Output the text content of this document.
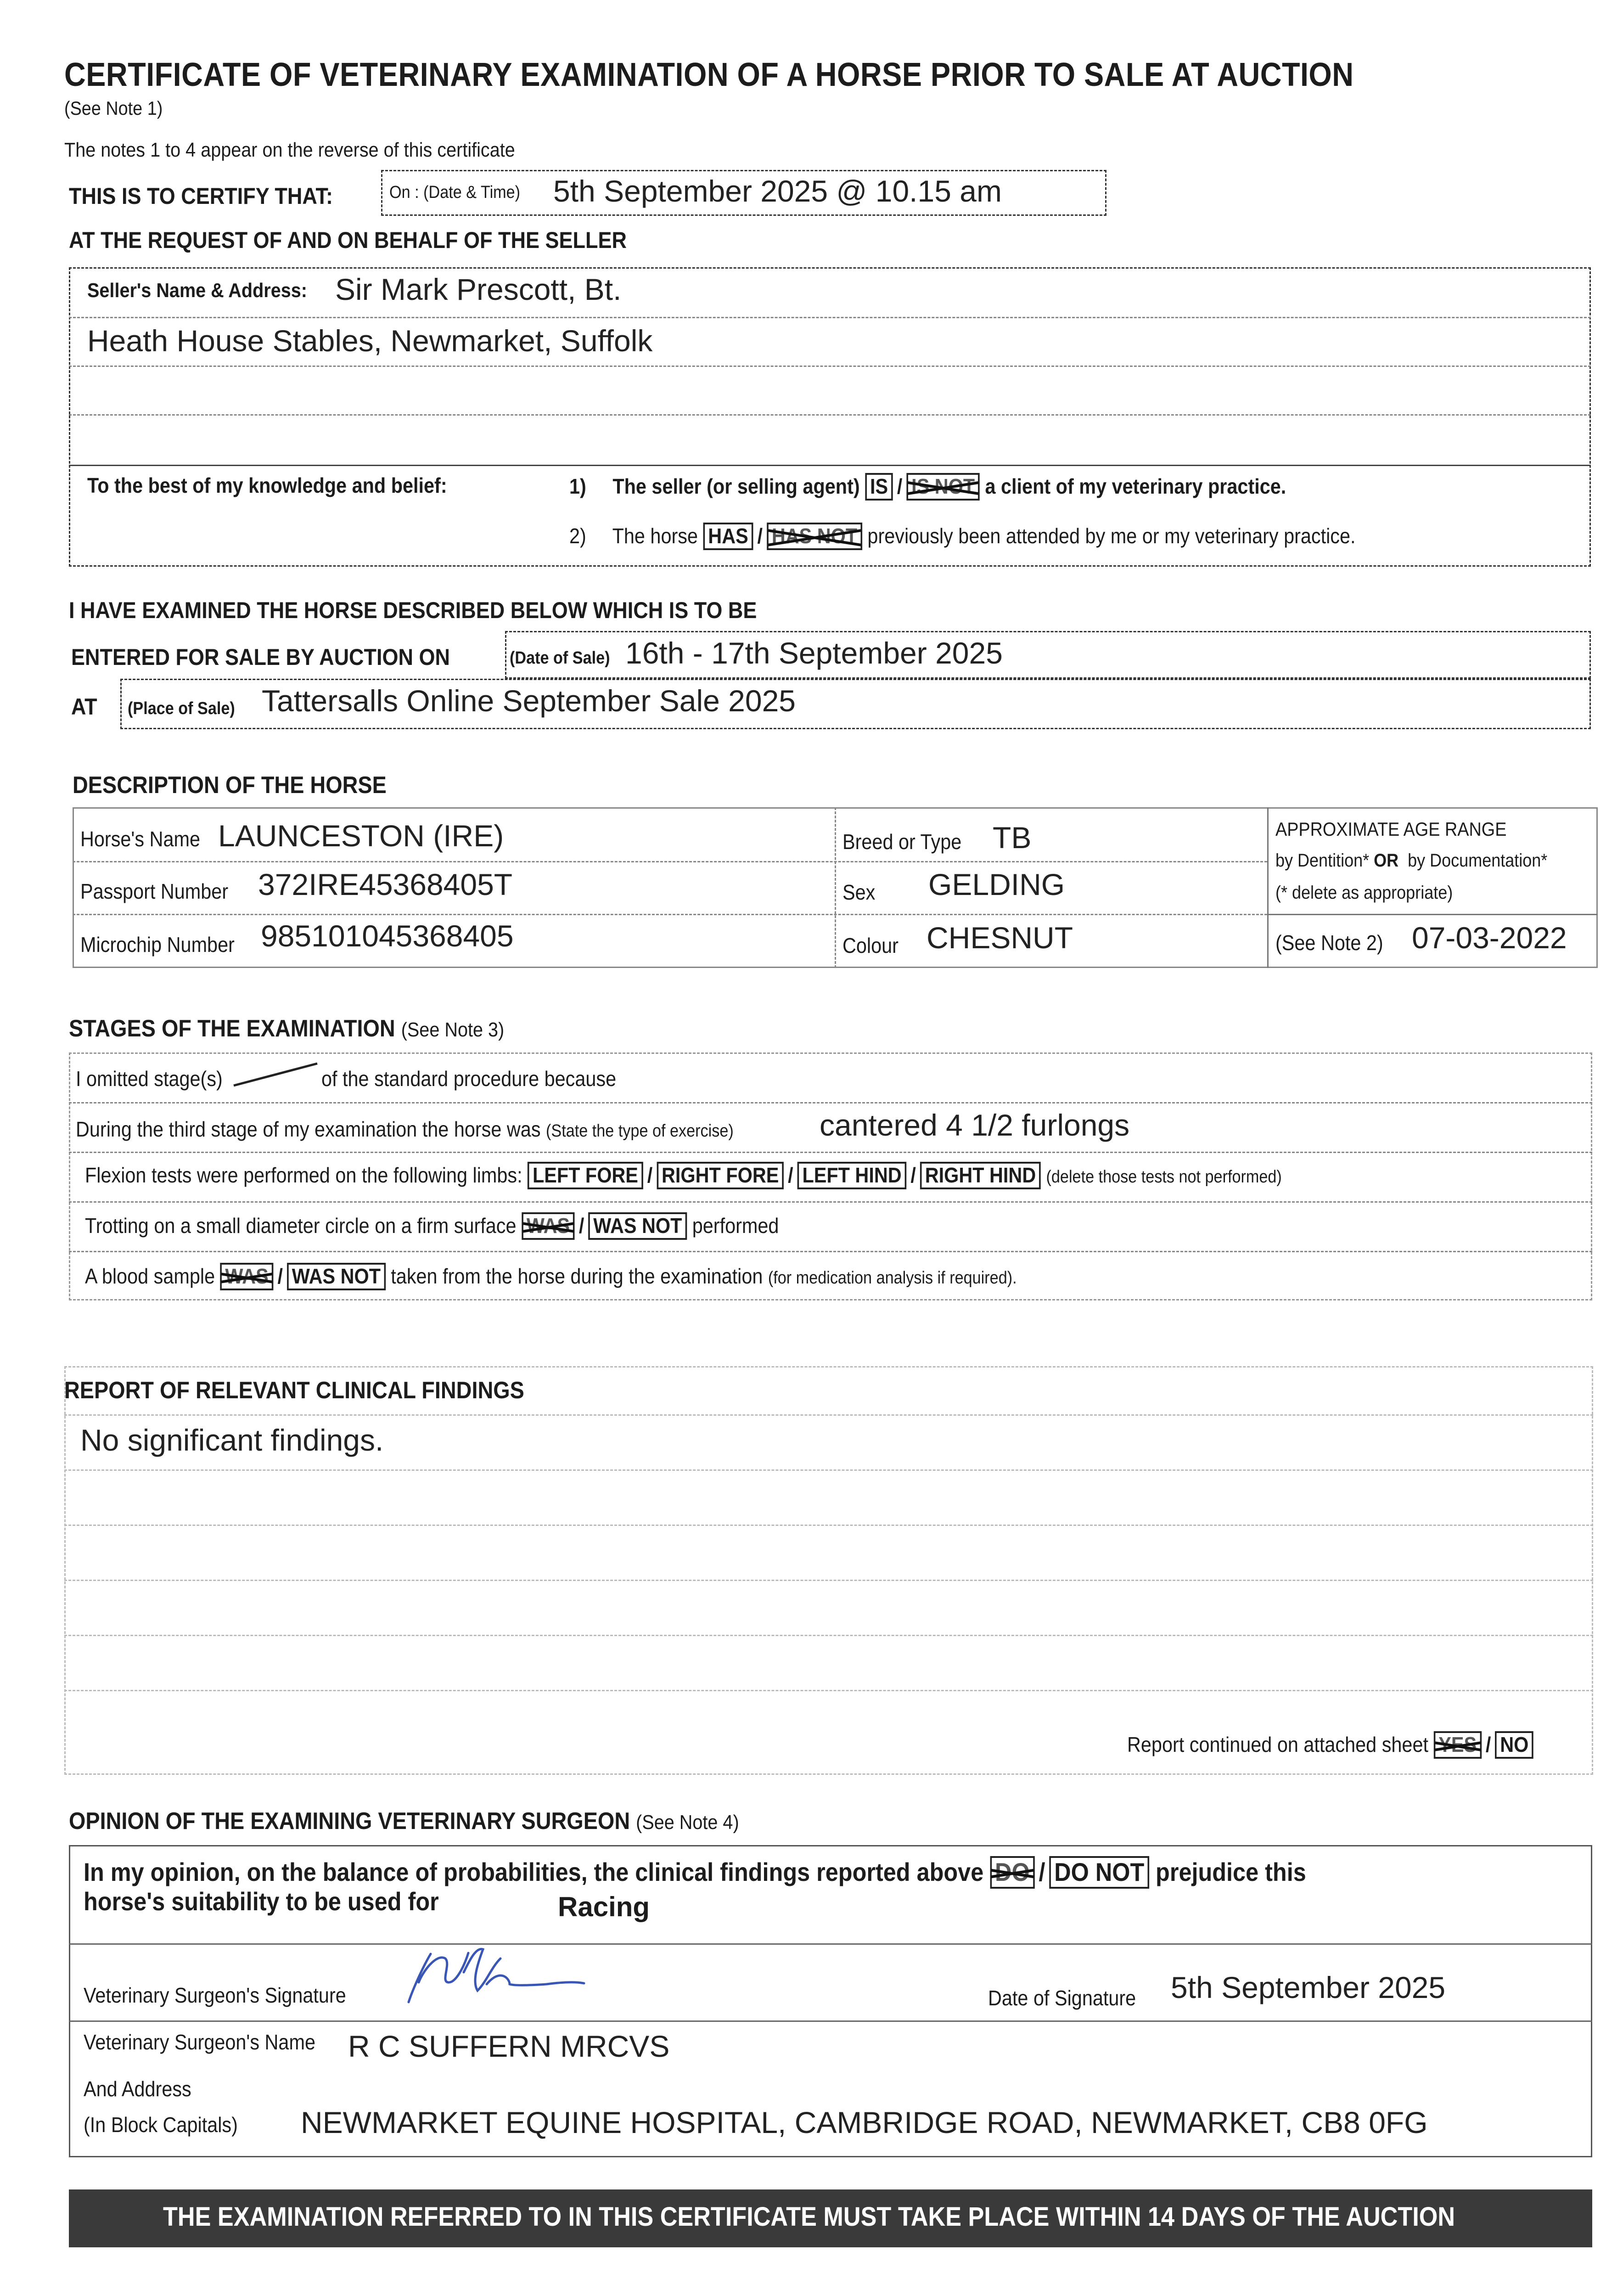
CERTIFICATE OF VETERINARY EXAMINATION OF A HORSE PRIOR TO SALE AT AUCTION
(See Note 1)
The notes 1 to 4 appear on the reverse of this certificate
THIS IS TO CERTIFY THAT:	On : (Date & Time) 5th September 2025 @ 10.15 am
AT THE REQUEST OF AND ON BEHALF OF THE SELLER
Seller's Name & Address: Sir Mark Prescott, Bt.
Heath House Stables, Newmarket, Suffolk
To the best of my knowledge and belief:	1) The seller (or selling agent) IS / IS NOT a client of my veterinary practice.
2) The horse HAS / HAS NOT previously been attended by me or my veterinary practice.
I HAVE EXAMINED THE HORSE DESCRIBED BELOW WHICH IS TO BE
ENTERED FOR SALE BY AUCTION ON	(Date of Sale) 16th - 17th September 2025
AT (Place of Sale) Tattersalls Online September Sale 2025
DESCRIPTION OF THE HORSE
Horse's Name LAUNCESTON (IRE)
Passport Number 372IRE45368405T
Microchip Number 985101045368405
Breed or Type TB
Sex GELDING
Colour CHESNUT
APPROXIMATE AGE RANGE
by Dentition* OR by Documentation*
(* delete as appropriate)
(See Note 2) 07-03-2022
STAGES OF THE EXAMINATION (See Note 3)
I omitted stage(s)	of the standard procedure because
During the third stage of my examination the horse was (State the type of exercise)	cantered 4 1/2 furlongs
Flexion tests were performed on the following limbs: LEFT FORE / RIGHT FORE / LEFT HIND / RIGHT HIND (delete those tests not performed)
Trotting on a small diameter circle on a firm surface WAS / WAS NOT performed
A blood sample WAS / WAS NOT taken from the horse during the examination (for medication analysis if required).
REPORT OF RELEVANT CLINICAL FINDINGS
No significant findings.
Report continued on attached sheet YES / NO
OPINION OF THE EXAMINING VETERINARY SURGEON (See Note 4)
In my opinion, on the balance of probabilities, the clinical findings reported above DO / DO NOT prejudice this
horse's suitability to be used for	Racing
Veterinary Surgeon's Signature	Date of Signature 5th September 2025
Veterinary Surgeon's Name R C SUFFERN MRCVS
And Address
(In Block Capitals) NEWMARKET EQUINE HOSPITAL, CAMBRIDGE ROAD, NEWMARKET, CB8 0FG
THE EXAMINATION REFERRED TO IN THIS CERTIFICATE MUST TAKE PLACE WITHIN 14 DAYS OF THE AUCTION
